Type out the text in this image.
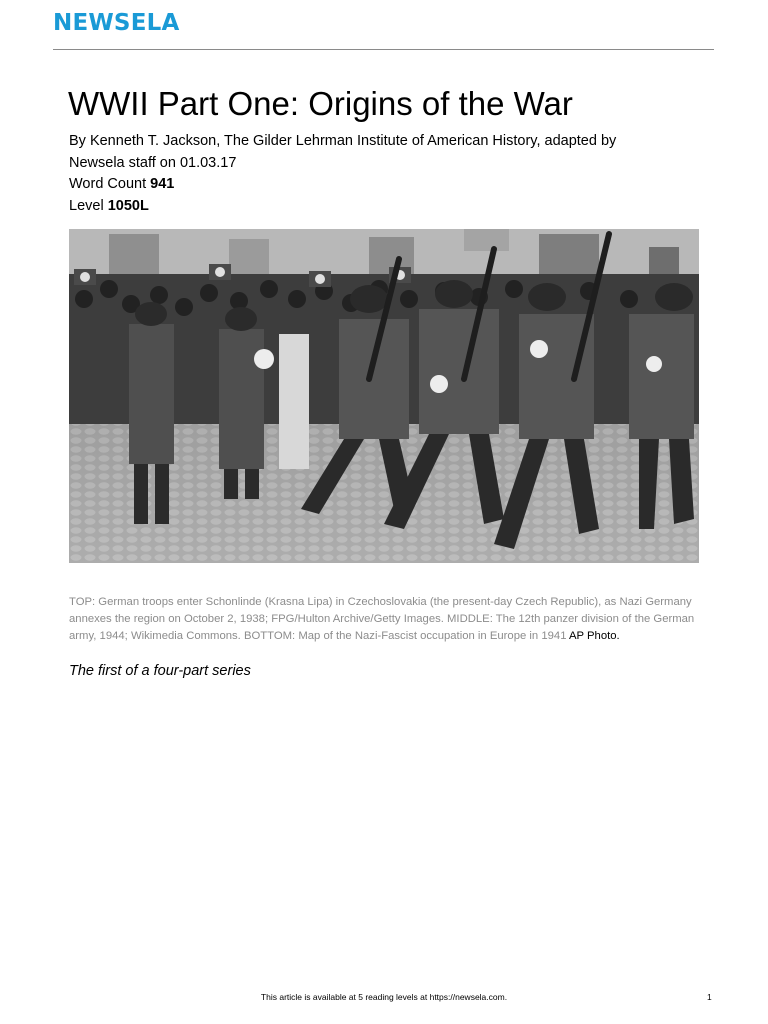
NEWSELA
WWII Part One: Origins of the War
By Kenneth T. Jackson, The Gilder Lehrman Institute of American History, adapted by
Newsela staff on 01.03.17
Word Count 941
Level 1050L
TOP: German troops enter Schonlinde (Krasna Lipa) in Czechoslovakia (the present-day Czech Republic), as Nazi Germany annexes the region on October 2, 1938; FPG/Hulton Archive/Getty Images. MIDDLE: The 12th panzer division of the German army, 1944; Wikimedia Commons. BOTTOM: Map of the Nazi-Fascist occupation in Europe in 1941 AP Photo.
The first of a four-part series
This article is available at 5 reading levels at https://newsela.com.	1
